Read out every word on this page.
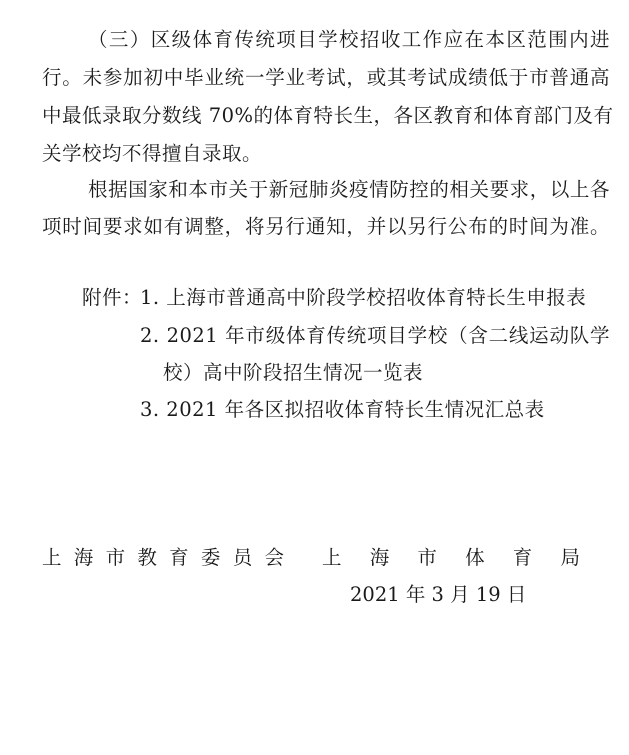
（三）区级体育传统项目学校招收工作应在本区范围内进
行。未参加初中毕业统一学业考试，或其考试成绩低于市普通高
中最低录取分数线 70%的体育特长生，各区教育和体育部门及有
关学校均不得擅自录取。
根据国家和本市关于新冠肺炎疫情防控的相关要求，以上各
项时间要求如有调整，将另行通知，并以另行公布的时间为准。
附件：
1. 上海市普通高中阶段学校招收体育特长生申报表
2. 2021 年市级体育传统项目学校（含二线运动队学
校）高中阶段招生情况一览表
3. 2021 年各区拟招收体育特长生情况汇总表
上海市教育委员会 上海市体育局
2021 年 3 月 19 日
